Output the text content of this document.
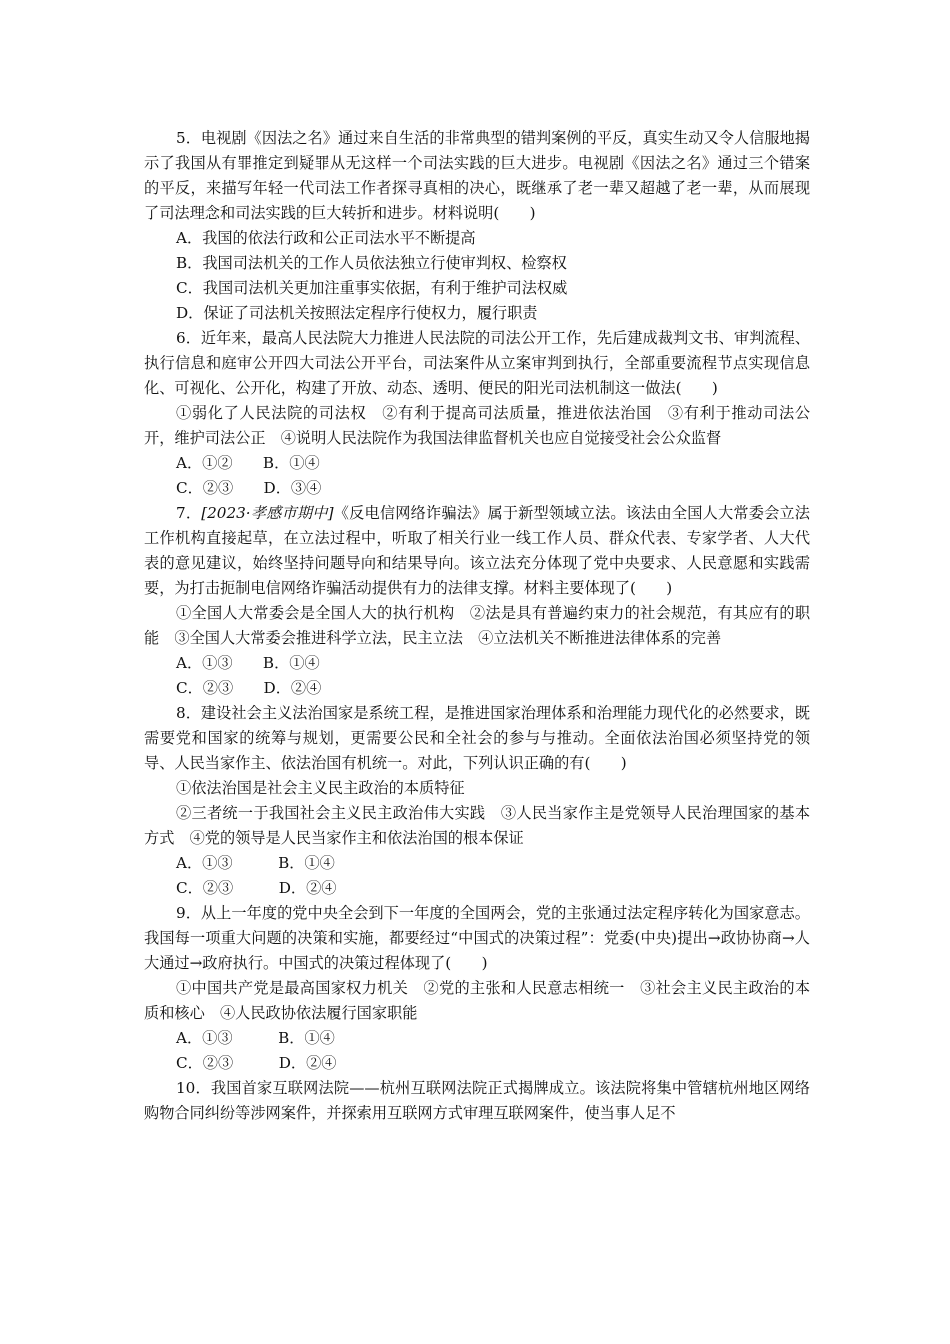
5．电视剧《因法之名》通过来自生活的非常典型的错判案例的平反，真实生动又令人信服地揭示了我国从有罪推定到疑罪从无这样一个司法实践的巨大进步。电视剧《因法之名》通过三个错案的平反，来描写年轻一代司法工作者探寻真相的决心，既继承了老一辈又超越了老一辈，从而展现了司法理念和司法实践的巨大转折和进步。材料说明(　　)

A．我国的依法行政和公正司法水平不断提高

B．我国司法机关的工作人员依法独立行使审判权、检察权

C．我国司法机关更加注重事实依据，有利于维护司法权威

D．保证了司法机关按照法定程序行使权力，履行职责

6．近年来，最高人民法院大力推进人民法院的司法公开工作，先后建成裁判文书、审判流程、执行信息和庭审公开四大司法公开平台，司法案件从立案审判到执行，全部重要流程节点实现信息化、可视化、公开化，构建了开放、动态、透明、便民的阳光司法机制这一做法(　　)

①弱化了人民法院的司法权　②有利于提高司法质量，推进依法治国　③有利于推动司法公开，维护司法公正　④说明人民法院作为我国法律监督机关也应自觉接受社会公众监督

A．①②　　B．①④

C．②③　　D．③④

7．[2023·孝感市期中]《反电信网络诈骗法》属于新型领域立法。该法由全国人大常委会立法工作机构直接起草，在立法过程中，听取了相关行业一线工作人员、群众代表、专家学者、人大代表的意见建议，始终坚持问题导向和结果导向。该立法充分体现了党中央要求、人民意愿和实践需要，为打击扼制电信网络诈骗活动提供有力的法律支撑。材料主要体现了(　　)

①全国人大常委会是全国人大的执行机构　②法是具有普遍约束力的社会规范，有其应有的职能　③全国人大常委会推进科学立法，民主立法　④立法机关不断推进法律体系的完善

A．①③　　B．①④

C．②③　　D．②④

8．建设社会主义法治国家是系统工程，是推进国家治理体系和治理能力现代化的必然要求，既需要党和国家的统筹与规划，更需要公民和全社会的参与与推动。全面依法治国必须坚持党的领导、人民当家作主、依法治国有机统一。对此，下列认识正确的有(　　)

①依法治国是社会主义民主政治的本质特征

②三者统一于我国社会主义民主政治伟大实践　③人民当家作主是党领导人民治理国家的基本方式　④党的领导是人民当家作主和依法治国的根本保证

A．①③　　　B．①④

C．②③　　　D．②④

9．从上一年度的党中央全会到下一年度的全国两会，党的主张通过法定程序转化为国家意志。我国每一项重大问题的决策和实施，都要经过“中国式的决策过程”：党委(中央)提出→政协协商→人大通过→政府执行。中国式的决策过程体现了(　　)

①中国共产党是最高国家权力机关　②党的主张和人民意志相统一　③社会主义民主政治的本质和核心　④人民政协依法履行国家职能

A．①③　　　B．①④

C．②③　　　D．②④

10．我国首家互联网法院——杭州互联网法院正式揭牌成立。该法院将集中管辖杭州地区网络购物合同纠纷等涉网案件，并探索用互联网方式审理互联网案件，使当事人足不
